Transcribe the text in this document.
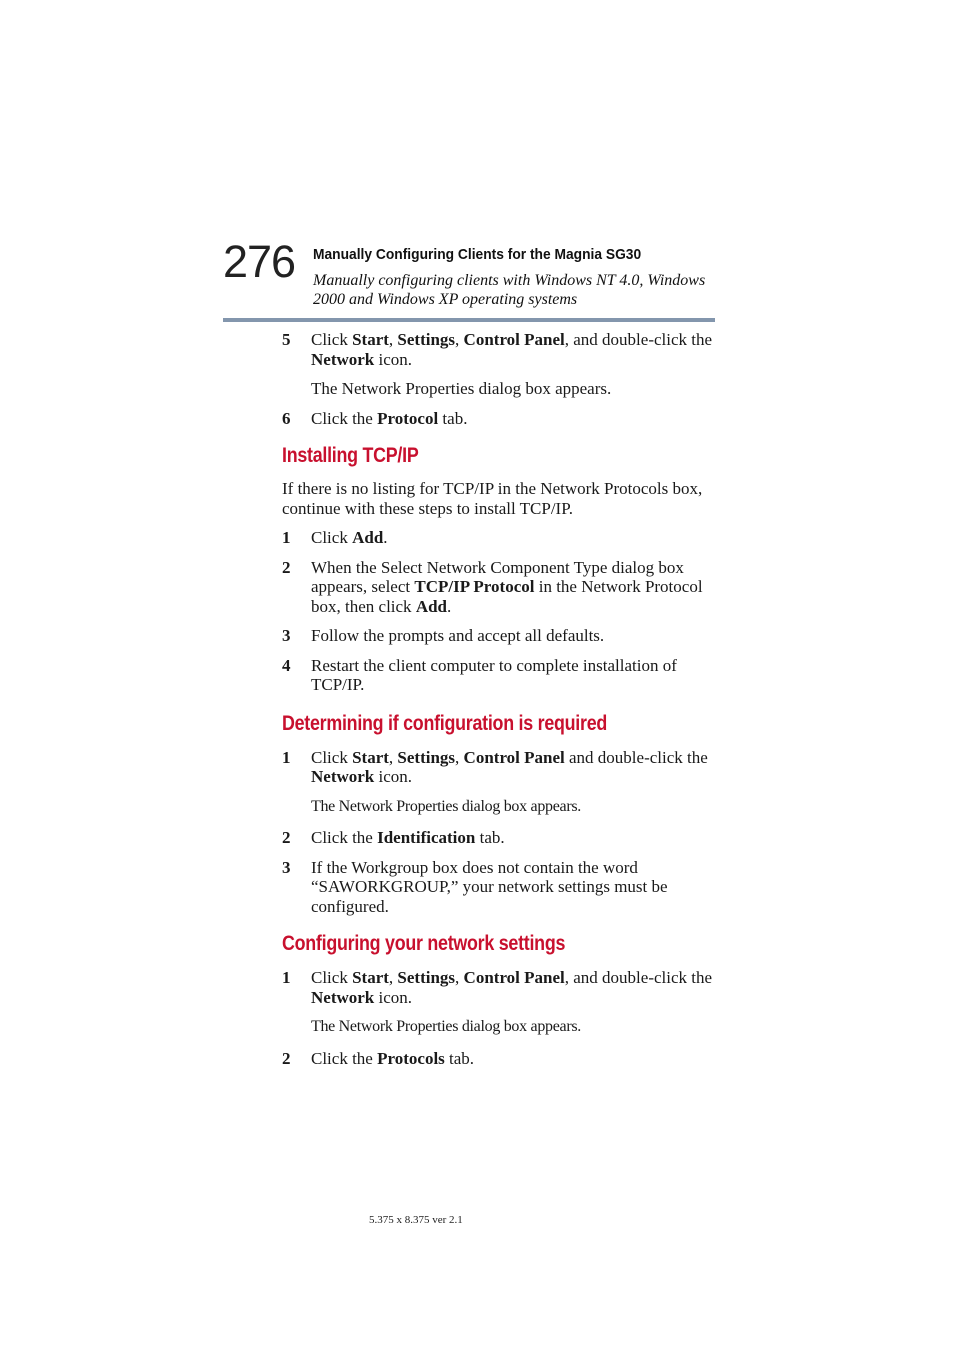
276 Manually Configuring Clients for the Magnia SG30
Manually configuring clients with Windows NT 4.0, Windows 2000 and Windows XP operating systems
5 Click Start, Settings, Control Panel, and double-click the Network icon.
The Network Properties dialog box appears.
6 Click the Protocol tab.
Installing TCP/IP
If there is no listing for TCP/IP in the Network Protocols box, continue with these steps to install TCP/IP.
1 Click Add.
2 When the Select Network Component Type dialog box appears, select TCP/IP Protocol in the Network Protocol box, then click Add.
3 Follow the prompts and accept all defaults.
4 Restart the client computer to complete installation of TCP/IP.
Determining if configuration is required
1 Click Start, Settings, Control Panel and double-click the Network icon.
The Network Properties dialog box appears.
2 Click the Identification tab.
3 If the Workgroup box does not contain the word “SAWORKGROUP,” your network settings must be configured.
Configuring your network settings
1 Click Start, Settings, Control Panel, and double-click the Network icon.
The Network Properties dialog box appears.
2 Click the Protocols tab.
5.375 x 8.375 ver 2.1
